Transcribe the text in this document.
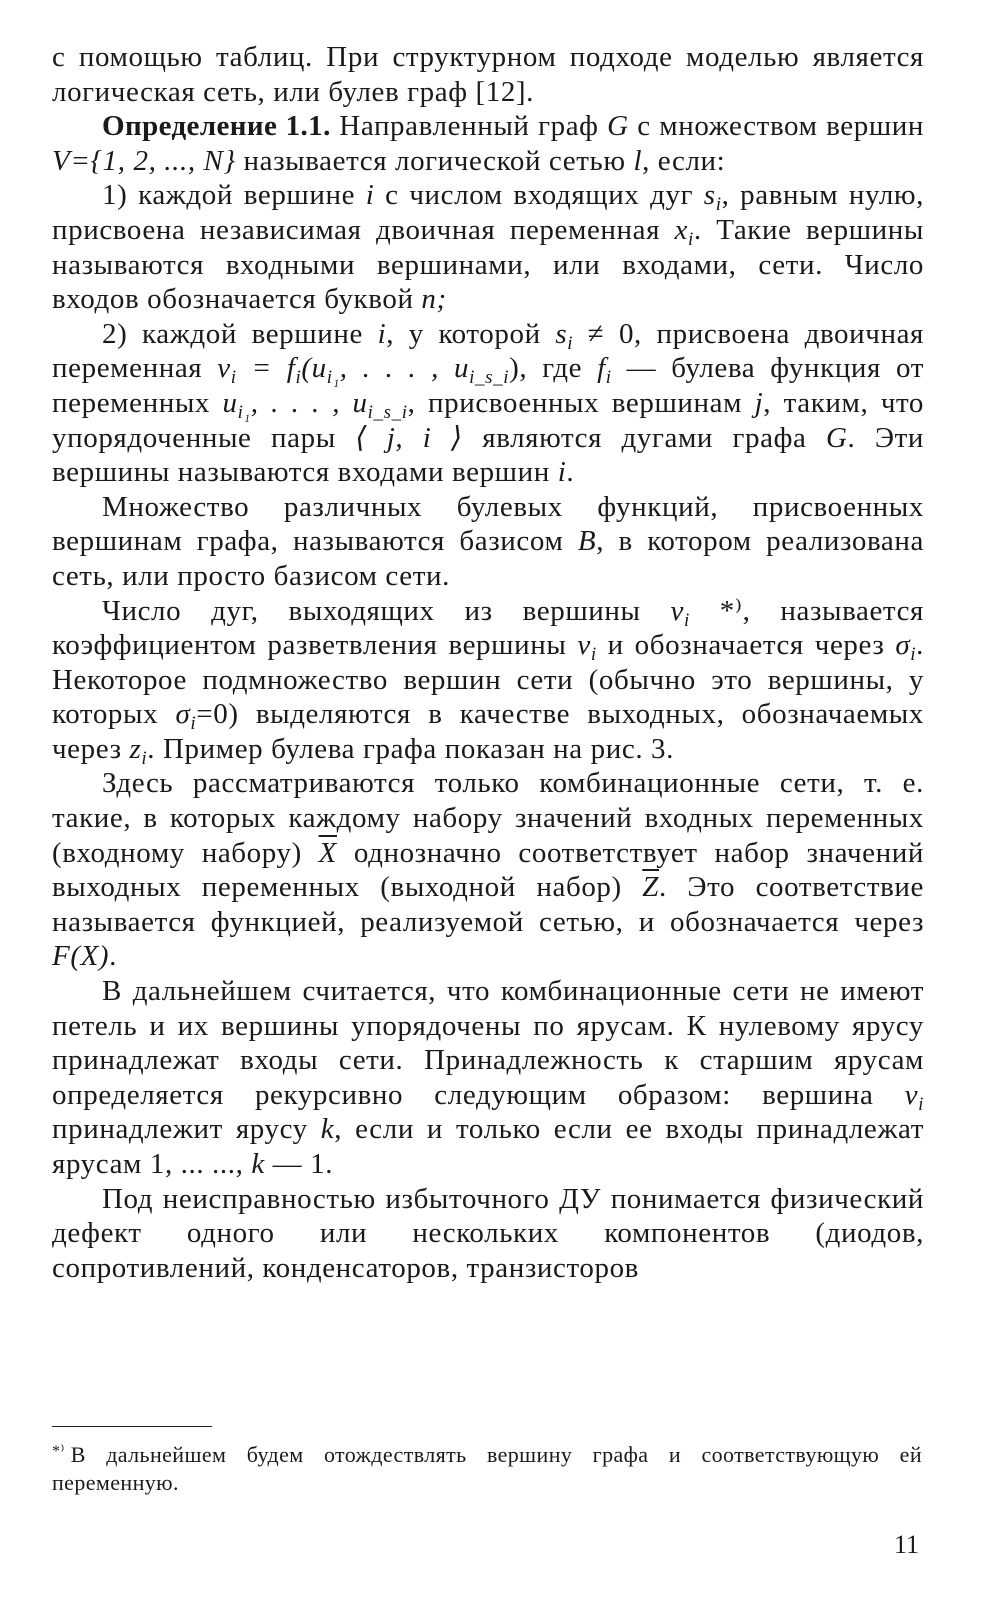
с помощью таблиц. При структурном подходе моделью является логическая сеть, или булев граф [12].

Определение 1.1. Направленный граф G с множеством вершин V={1, 2, ..., N} называется логической сетью l, если:

1) каждой вершине i с числом входящих дуг $s_i$, равным нулю, присвоена независимая двоичная переменная $x_i$. Такие вершины называются входными вершинами, или входами, сети. Число входов обозначается буквой n;

2) каждой вершине i, у которой $s_i \ne 0$, присвоена двоичная переменная $v_i = f_i(u_{i_1}$, . . . , $u_{i\_s\_i}$), где $f_i$ — булева функция от переменных $u_{i_1}$, . . . , $u_{i\_s\_i}$, присвоенных вершинам j, таким, что упорядоченные пары ⟨ j, i ⟩ являются дугами графа G. Эти вершины называются входами вершин i.

Множество различных булевых функций, присвоенных вершинам графа, называются базисом B, в котором реализована сеть, или просто базисом сети.

Число дуг, выходящих из вершины $v_i$ *⁾, называется коэффициентом разветвления вершины $v_i$ и обозначается через $\sigma_i$. Некоторое подмножество вершин сети (обычно это вершины, у которых $\sigma_i=0$) выделяются в качестве выходных, обозначаемых через $z_i$. Пример булева графа показан на рис. 3.

Здесь рассматриваются только комбинационные сети, т. е. такие, в которых каждому набору значений входных переменных (входному набору) $\overline{X}$ однозначно соответствует набор значений выходных переменных (выходной набор) $\overline{Z}$. Это соответствие называется функцией, реализуемой сетью, и обозначается через F(X).

В дальнейшем считается, что комбинационные сети не имеют петель и их вершины упорядочены по ярусам. К нулевому ярусу принадлежат входы сети. Принадлежность к старшим ярусам определяется рекурсивно следующим образом: вершина $v_i$ принадлежит ярусу k, если и только если ее входы принадлежат ярусам 1, ... ..., k — 1.

Под неисправностью избыточного ДУ понимается физический дефект одного или нескольких компонентов (диодов, сопротивлений, конденсаторов, транзисторов

*⁾ В дальнейшем будем отождествлять вершину графа и соответствующую ей переменную.
11
